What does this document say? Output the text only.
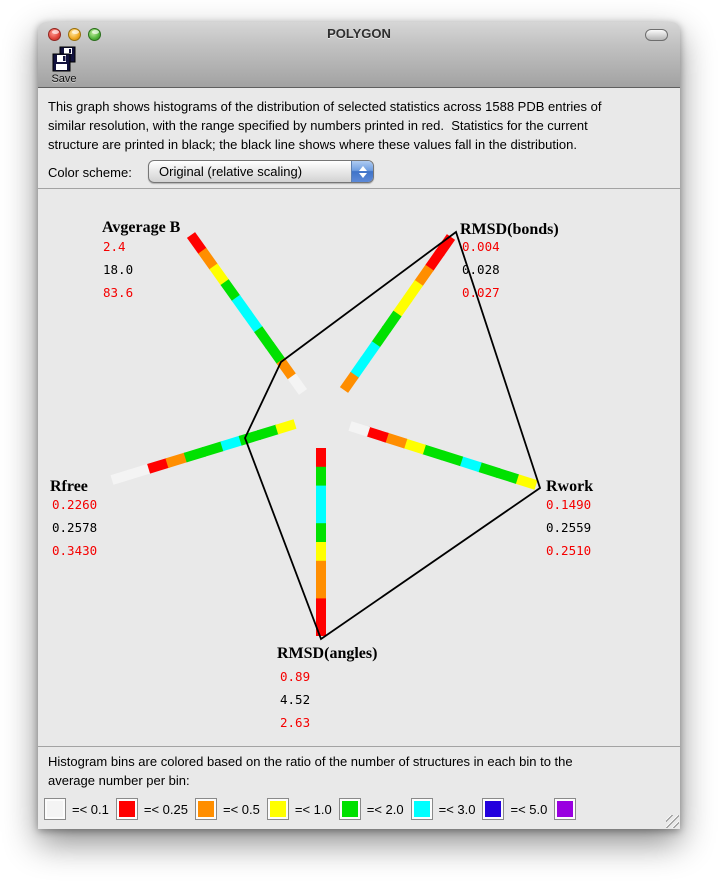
POLYGON
Save
This graph shows histograms of the distribution of selected statistics across 1588 PDB entries of
similar resolution, with the range specified by numbers printed in red.  Statistics for the current
structure are printed in black; the black line shows where these values fall in the distribution.
Color scheme: Original (relative scaling)
Avgerage B
2.4
18.0
83.6
RMSD(bonds)
0.004
0.028
0.027
Rwork
0.1490
0.2559
0.2510
RMSD(angles)
0.89
4.52
2.63
Rfree
0.2260
0.2578
0.3430
Histogram bins are colored based on the ratio of the number of structures in each bin to the
average number per bin:
=< 0.1	=< 0.25	=< 0.5	=< 1.0	=< 2.0	=< 3.0	=< 5.0
